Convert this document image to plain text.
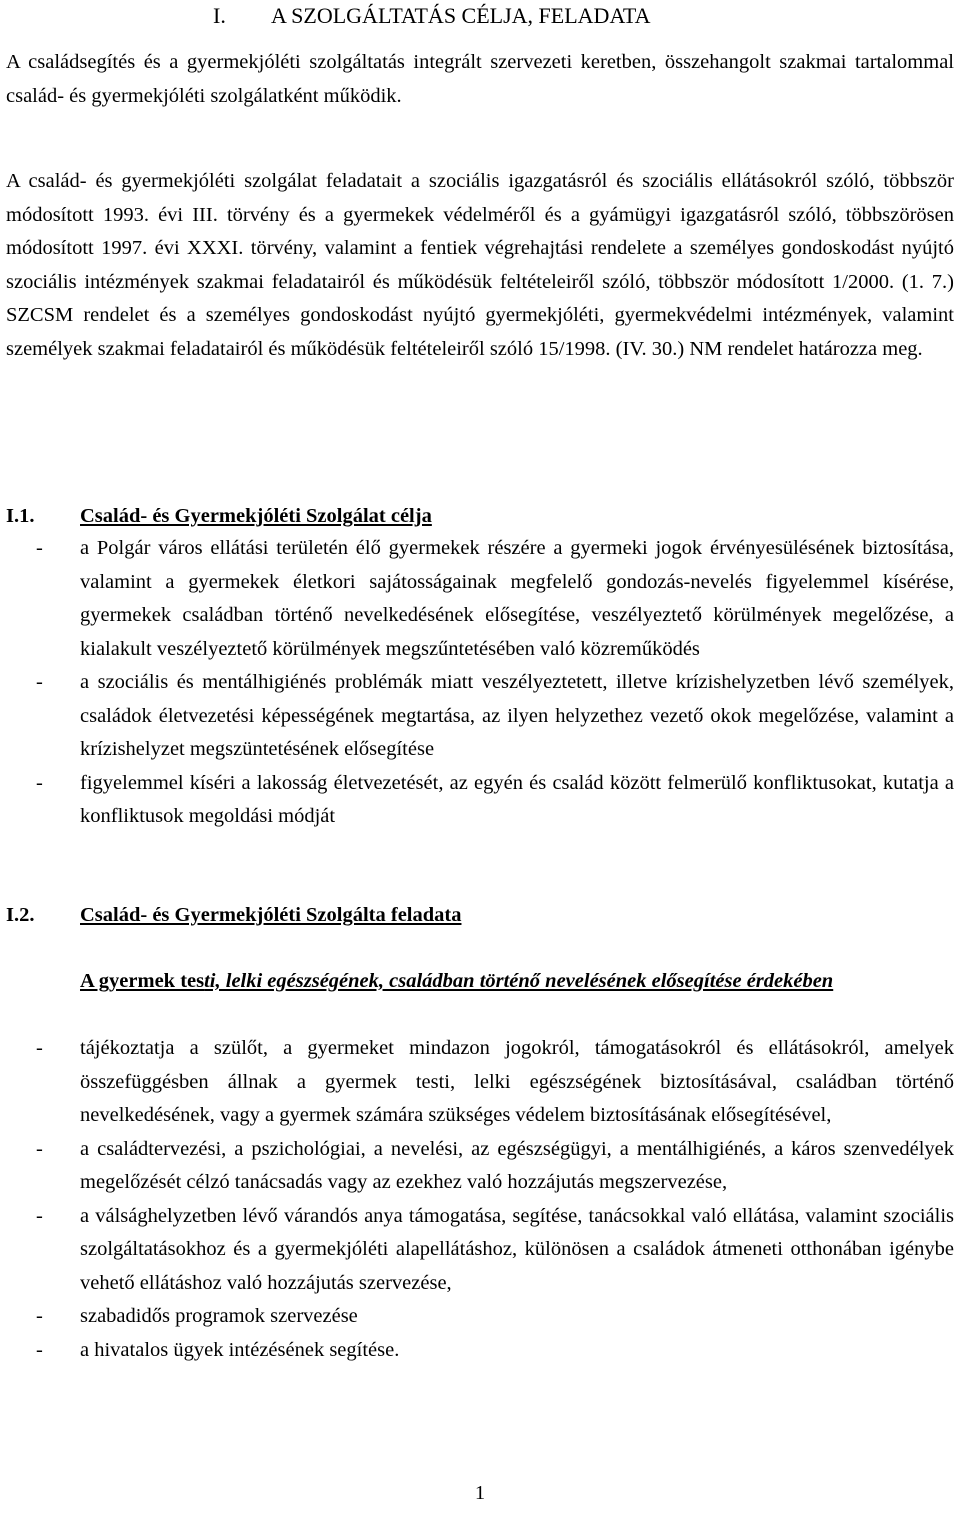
I. A SZOLGÁLTATÁS CÉLJA, FELADATA

A családsegítés és a gyermekjóléti szolgáltatás integrált szervezeti keretben, összehangolt szakmai tartalommal család- és gyermekjóléti szolgálatként működik.

A család- és gyermekjóléti szolgálat feladatait a szociális igazgatásról és szociális ellátásokról szóló, többször módosított 1993. évi III. törvény és a gyermekek védelméről és a gyámügyi igazgatásról szóló, többszörösen módosított 1997. évi XXXI. törvény, valamint a fentiek végrehajtási rendelete a személyes gondoskodást nyújtó szociális intézmények szakmai feladatairól és működésük feltételeiről szóló, többször módosított 1/2000. (1. 7.) SZCSM rendelet és a személyes gondoskodást nyújtó gyermekjóléti, gyermekvédelmi intézmények, valamint személyek szakmai feladatairól és működésük feltételeiről szóló 15/1998. (IV. 30.) NM rendelet határozza meg.

I.1. Család- és Gyermekjóléti Szolgálat célja
- a Polgár város ellátási területén élő gyermekek részére a gyermeki jogok érvényesülésének biztosítása, valamint a gyermekek életkori sajátosságainak megfelelő gondozás-nevelés figyelemmel kísérése, gyermekek családban történő nevelkedésének elősegítése, veszélyeztető körülmények megelőzése, a kialakult veszélyeztető körülmények megszűntetésében való közreműködés
- a szociális és mentálhigiénés problémák miatt veszélyeztetett, illetve krízishelyzetben lévő személyek, családok életvezetési képességének megtartása, az ilyen helyzethez vezető okok megelőzése, valamint a krízishelyzet megszüntetésének elősegítése
- figyelemmel kíséri a lakosság életvezetését, az egyén és család között felmerülő konfliktusokat, kutatja a konfliktusok megoldási módját
I.2. Család- és Gyermekjóléti Szolgálta feladata

A gyermek testi, lelki egészségének, családban történő nevelésének elősegítése érdekében

- tájékoztatja a szülőt, a gyermeket mindazon jogokról, támogatásokról és ellátásokról, amelyek összefüggésben állnak a gyermek testi, lelki egészségének biztosításával, családban történő nevelkedésének, vagy a gyermek számára szükséges védelem biztosításának elősegítésével,
- a családtervezési, a pszichológiai, a nevelési, az egészségügyi, a mentálhigiénés, a káros szenvedélyek megelőzését célzó tanácsadás vagy az ezekhez való hozzájutás megszervezése,
- a válsághelyzetben lévő várandós anya támogatása, segítése, tanácsokkal való ellátása, valamint szociális szolgáltatásokhoz és a gyermekjóléti alapellátáshoz, különösen a családok átmeneti otthonában igénybe vehető ellátáshoz való hozzájutás szervezése,
- szabadidős programok szervezése
- a hivatalos ügyek intézésének segítése.
1
